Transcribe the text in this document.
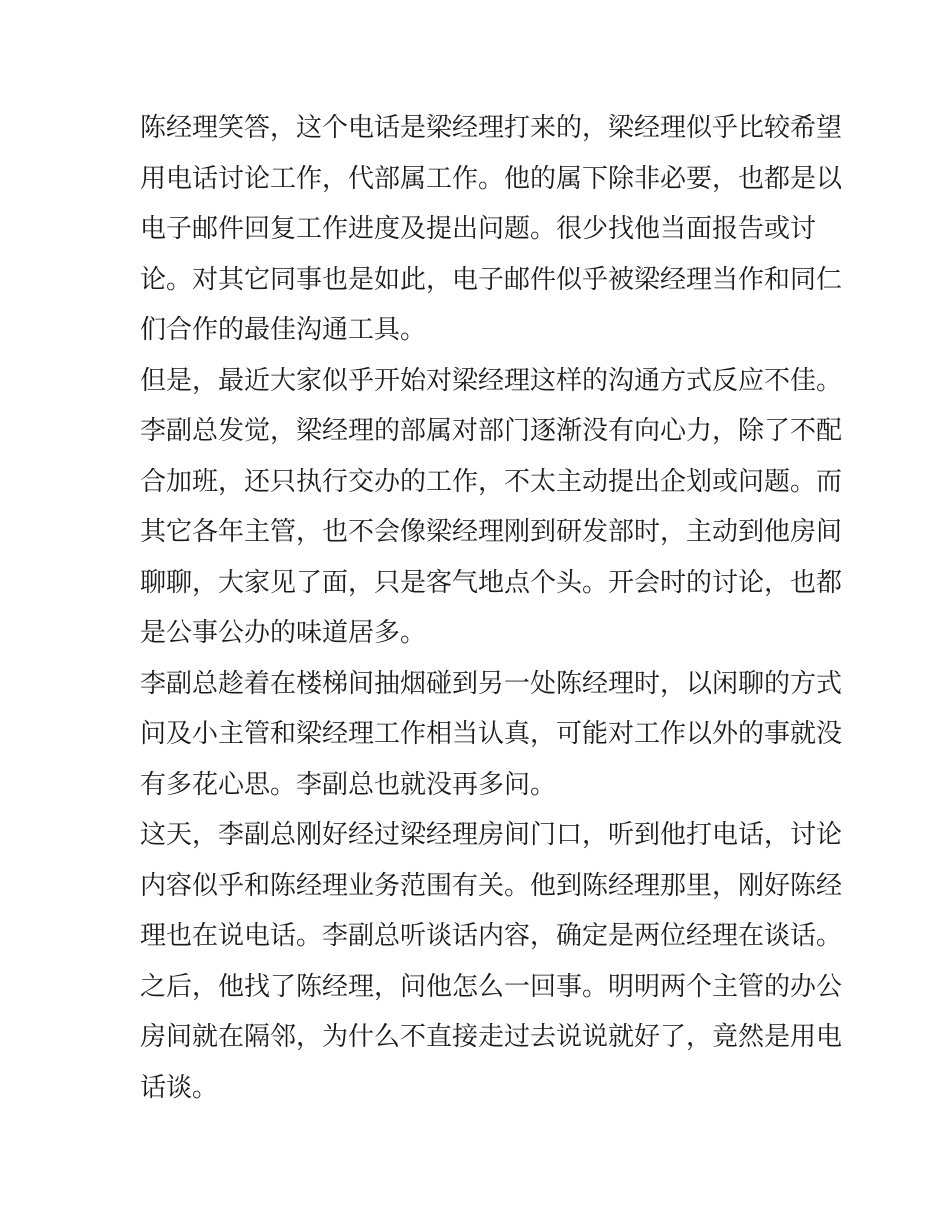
陈经理笑答，这个电话是梁经理打来的，梁经理似乎比较希望
用电话讨论工作，代部属工作。他的属下除非必要，也都是以
电子邮件回复工作进度及提出问题。很少找他当面报告或讨
论。对其它同事也是如此，电子邮件似乎被梁经理当作和同仁
们合作的最佳沟通工具。
但是，最近大家似乎开始对梁经理这样的沟通方式反应不佳。
李副总发觉，梁经理的部属对部门逐渐没有向心力，除了不配
合加班，还只执行交办的工作，不太主动提出企划或问题。而
其它各年主管，也不会像梁经理刚到研发部时，主动到他房间
聊聊，大家见了面，只是客气地点个头。开会时的讨论，也都
是公事公办的味道居多。
李副总趁着在楼梯间抽烟碰到另一处陈经理时，以闲聊的方式
问及小主管和梁经理工作相当认真，可能对工作以外的事就没
有多花心思。李副总也就没再多问。
这天，李副总刚好经过梁经理房间门口，听到他打电话，讨论
内容似乎和陈经理业务范围有关。他到陈经理那里，刚好陈经
理也在说电话。李副总听谈话内容，确定是两位经理在谈话。
之后，他找了陈经理，问他怎么一回事。明明两个主管的办公
房间就在隔邻，为什么不直接走过去说说就好了，竟然是用电
话谈。
